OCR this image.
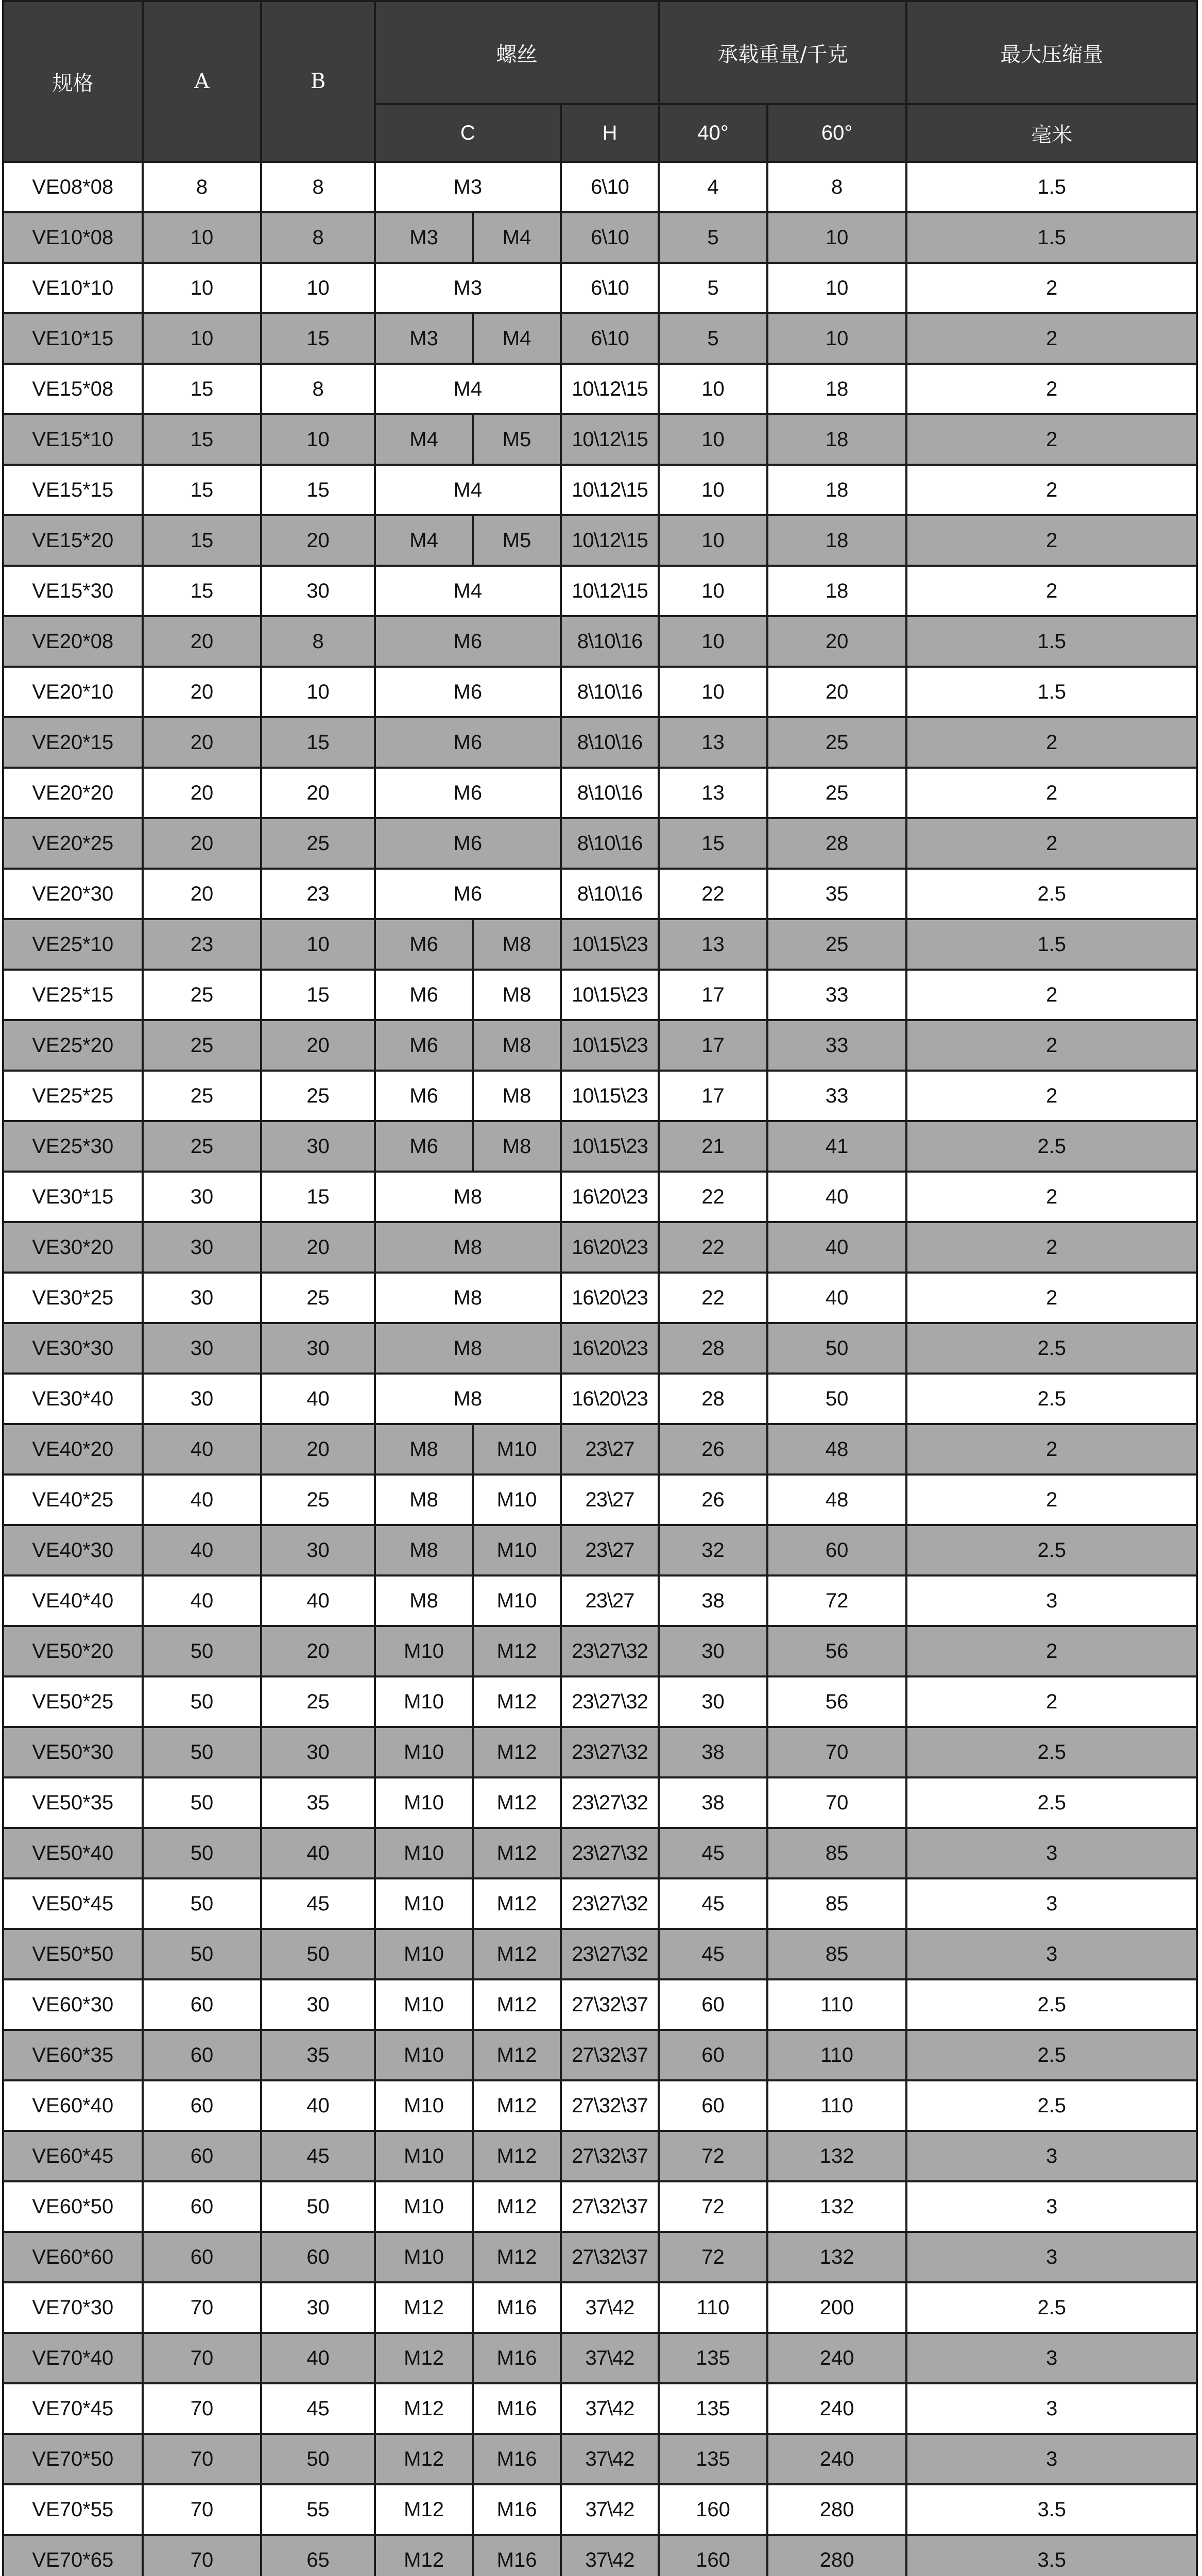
规格	A	B	螺丝			承载重量/千克		最大压缩量
			C		H	40°	60°	毫米
VE08*08	8	8	M3		6\10	4	8	1.5
VE10*08	10	8	M3	M4	6\10	5	10	1.5
VE10*10	10	10	M3		6\10	5	10	2
VE10*15	10	15	M3	M4	6\10	5	10	2
VE15*08	15	8	M4		10\12\15	10	18	2
VE15*10	15	10	M4	M5	10\12\15	10	18	2
VE15*15	15	15	M4		10\12\15	10	18	2
VE15*20	15	20	M4	M5	10\12\15	10	18	2
VE15*30	15	30	M4		10\12\15	10	18	2
VE20*08	20	8	M6		8\10\16	10	20	1.5
VE20*10	20	10	M6		8\10\16	10	20	1.5
VE20*15	20	15	M6		8\10\16	13	25	2
VE20*20	20	20	M6		8\10\16	13	25	2
VE20*25	20	25	M6		8\10\16	15	28	2
VE20*30	20	23	M6		8\10\16	22	35	2.5
VE25*10	23	10	M6	M8	10\15\23	13	25	1.5
VE25*15	25	15	M6	M8	10\15\23	17	33	2
VE25*20	25	20	M6	M8	10\15\23	17	33	2
VE25*25	25	25	M6	M8	10\15\23	17	33	2
VE25*30	25	30	M6	M8	10\15\23	21	41	2.5
VE30*15	30	15	M8		16\20\23	22	40	2
VE30*20	30	20	M8		16\20\23	22	40	2
VE30*25	30	25	M8		16\20\23	22	40	2
VE30*30	30	30	M8		16\20\23	28	50	2.5
VE30*40	30	40	M8		16\20\23	28	50	2.5
VE40*20	40	20	M8	M10	23\27	26	48	2
VE40*25	40	25	M8	M10	23\27	26	48	2
VE40*30	40	30	M8	M10	23\27	32	60	2.5
VE40*40	40	40	M8	M10	23\27	38	72	3
VE50*20	50	20	M10	M12	23\27\32	30	56	2
VE50*25	50	25	M10	M12	23\27\32	30	56	2
VE50*30	50	30	M10	M12	23\27\32	38	70	2.5
VE50*35	50	35	M10	M12	23\27\32	38	70	2.5
VE50*40	50	40	M10	M12	23\27\32	45	85	3
VE50*45	50	45	M10	M12	23\27\32	45	85	3
VE50*50	50	50	M10	M12	23\27\32	45	85	3
VE60*30	60	30	M10	M12	27\32\37	60	110	2.5
VE60*35	60	35	M10	M12	27\32\37	60	110	2.5
VE60*40	60	40	M10	M12	27\32\37	60	110	2.5
VE60*45	60	45	M10	M12	27\32\37	72	132	3
VE60*50	60	50	M10	M12	27\32\37	72	132	3
VE60*60	60	60	M10	M12	27\32\37	72	132	3
VE70*30	70	30	M12	M16	37\42	110	200	2.5
VE70*40	70	40	M12	M16	37\42	135	240	3
VE70*45	70	45	M12	M16	37\42	135	240	3
VE70*50	70	50	M12	M16	37\42	135	240	3
VE70*55	70	55	M12	M16	37\42	160	280	3.5
VE70*65	70	65	M12	M16	37\42	160	280	3.5
